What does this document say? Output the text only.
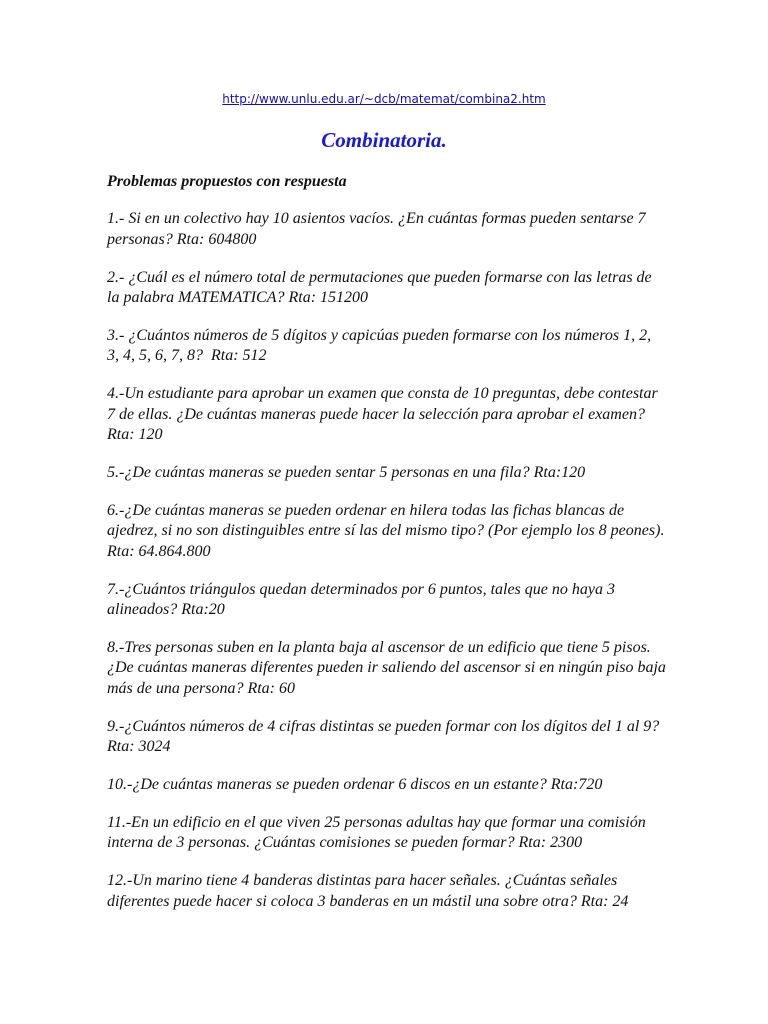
http://www.unlu.edu.ar/~dcb/matemat/combina2.htm
Combinatoria.

Problemas propuestos con respuesta

1.- Si en un colectivo hay 10 asientos vacíos. ¿En cuántas formas pueden sentarse 7 personas? Rta: 604800

2.- ¿Cuál es el número total de permutaciones que pueden formarse con las letras de la palabra MATEMATICA? Rta: 151200

3.- ¿Cuántos números de 5 dígitos y capicúas pueden formarse con los números 1, 2, 3, 4, 5, 6, 7, 8?  Rta: 512

4.-Un estudiante para aprobar un examen que consta de 10 preguntas, debe contestar 7 de ellas. ¿De cuántas maneras puede hacer la selección para aprobar el examen? Rta: 120

5.-¿De cuántas maneras se pueden sentar 5 personas en una fila? Rta:120

6.-¿De cuántas maneras se pueden ordenar en hilera todas las fichas blancas de ajedrez, si no son distinguibles entre sí las del mismo tipo? (Por ejemplo los 8 peones). Rta: 64.864.800

7.-¿Cuántos triángulos quedan determinados por 6 puntos, tales que no haya 3 alineados? Rta:20

8.-Tres personas suben en la planta baja al ascensor de un edificio que tiene 5 pisos. ¿De cuántas maneras diferentes pueden ir saliendo del ascensor si en ningún piso baja más de una persona? Rta: 60

9.-¿Cuántos números de 4 cifras distintas se pueden formar con los dígitos del 1 al 9? Rta: 3024

10.-¿De cuántas maneras se pueden ordenar 6 discos en un estante? Rta:720

11.-En un edificio en el que viven 25 personas adultas hay que formar una comisión interna de 3 personas. ¿Cuántas comisiones se pueden formar? Rta: 2300

12.-Un marino tiene 4 banderas distintas para hacer señales. ¿Cuántas señales diferentes puede hacer si coloca 3 banderas en un mástil una sobre otra? Rta: 24
